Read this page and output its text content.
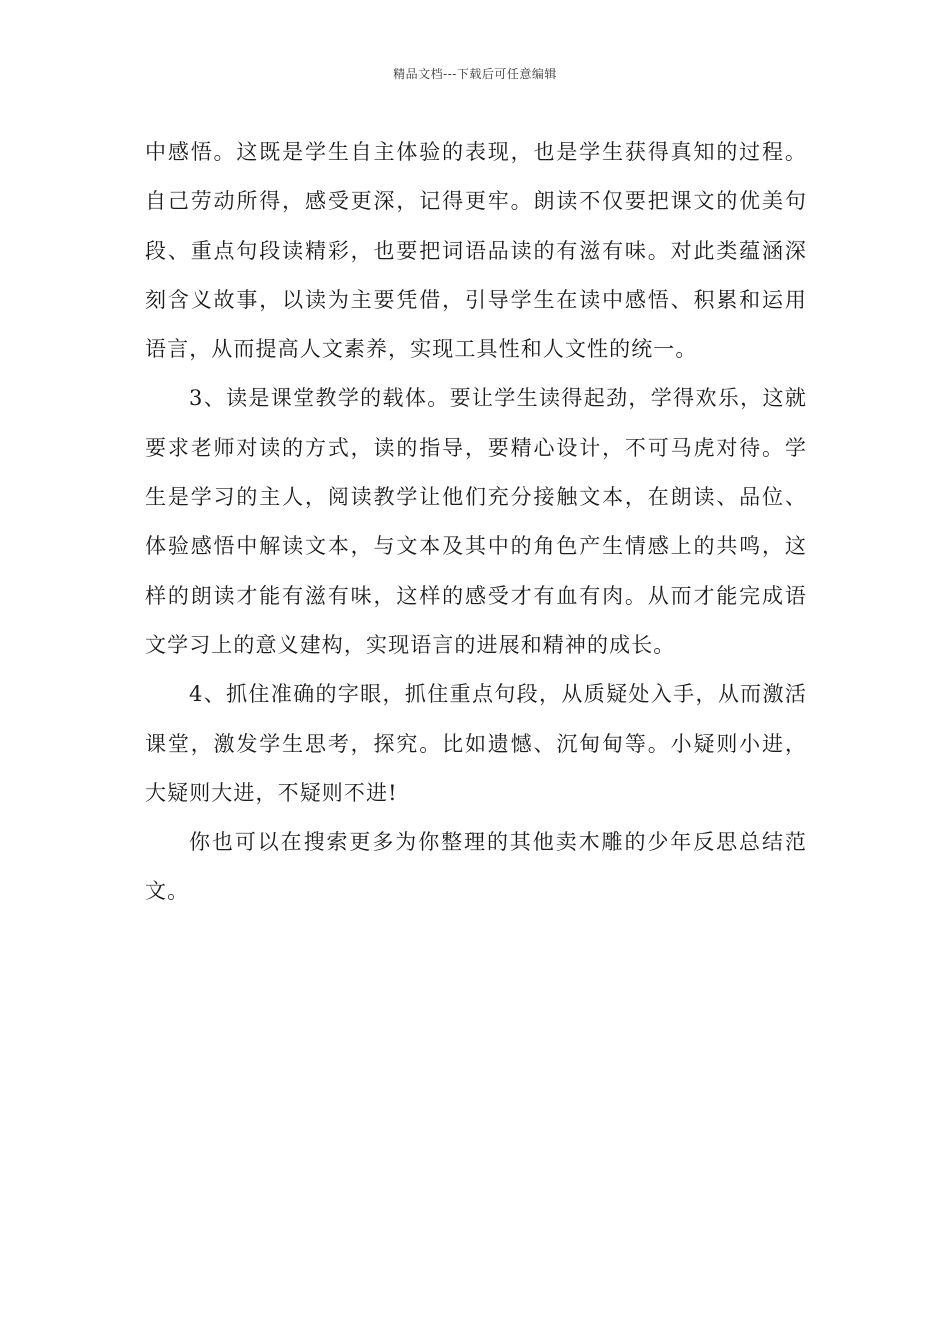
精品文档---下载后可任意编辑

中感悟。这既是学生自主体验的表现，也是学生获得真知的过程。自己劳动所得，感受更深，记得更牢。朗读不仅要把课文的优美句段、重点句段读精彩，也要把词语品读的有滋有味。对此类蕴涵深刻含义故事，以读为主要凭借，引导学生在读中感悟、积累和运用语言，从而提高人文素养，实现工具性和人文性的统一。

3、读是课堂教学的载体。要让学生读得起劲，学得欢乐，这就要求老师对读的方式，读的指导，要精心设计，不可马虎对待。学生是学习的主人，阅读教学让他们充分接触文本，在朗读、品位、体验感悟中解读文本，与文本及其中的角色产生情感上的共鸣，这样的朗读才能有滋有味，这样的感受才有血有肉。从而才能完成语文学习上的意义建构，实现语言的进展和精神的成长。

4、抓住准确的字眼，抓住重点句段，从质疑处入手，从而激活课堂，激发学生思考，探究。比如遗憾、沉甸甸等。小疑则小进，大疑则大进，不疑则不进!

你也可以在搜索更多为你整理的其他卖木雕的少年反思总结范文。
